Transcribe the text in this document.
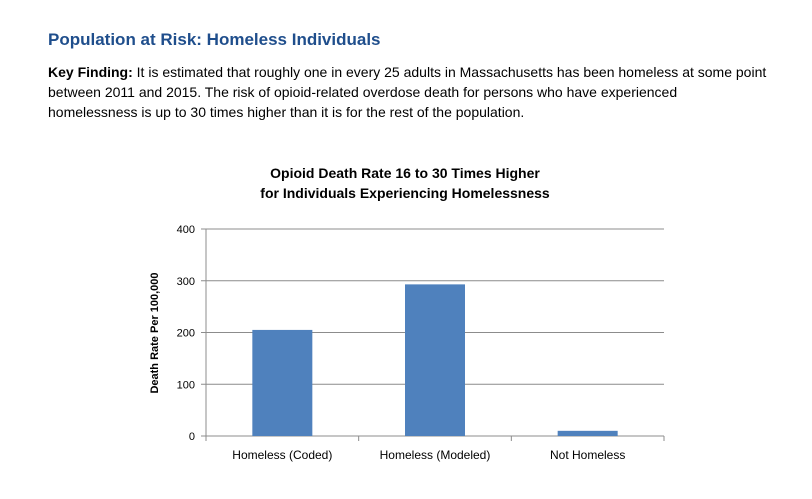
Population at Risk: Homeless Individuals

Key Finding: It is estimated that roughly one in every 25 adults in Massachusetts has been homeless at some point between 2011 and 2015. The risk of opioid-related overdose death for persons who have experienced homelessness is up to 30 times higher than it is for the rest of the population.

Opioid Death Rate 16 to 30 Times Higher
for Individuals Experiencing Homelessness
0
100
200
300
400
Homeless (Coded)	Homeless (Modeled)	Not Homeless
Death Rate Per 100,000
